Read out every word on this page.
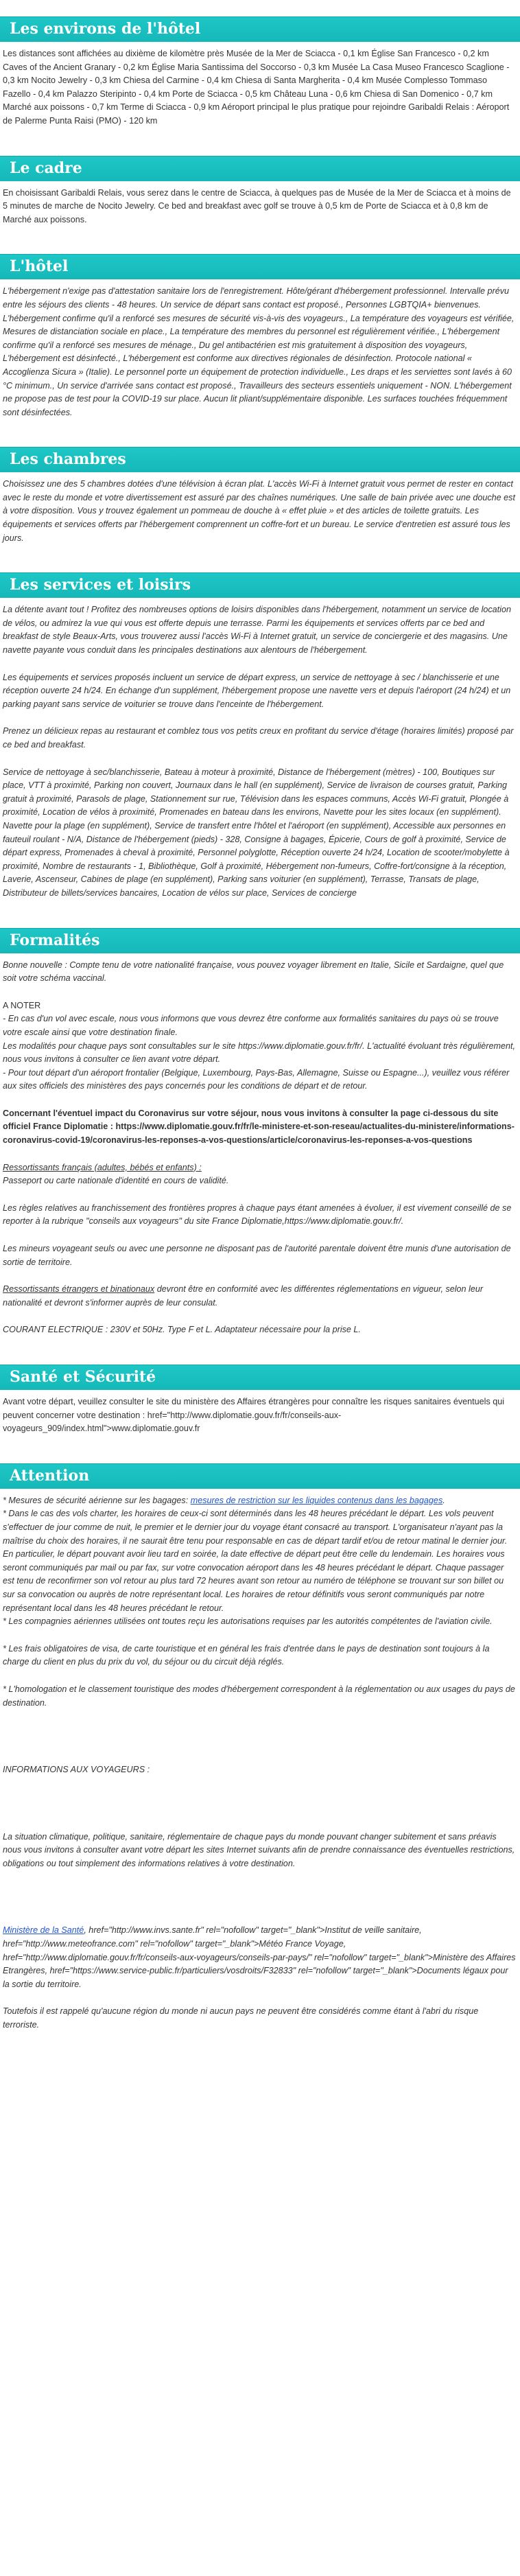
Les environs de l'hôtel

Les distances sont affichées au dixième de kilomètre près Musée de la Mer de Sciacca - 0,1 km Église San Francesco - 0,2 km Caves of the Ancient Granary - 0,2 km Église Maria Santissima del Soccorso - 0,3 km Musée La Casa Museo Francesco Scaglione - 0,3 km Nocito Jewelry - 0,3 km Chiesa del Carmine - 0,4 km Chiesa di Santa Margherita - 0,4 km Musée Complesso Tommaso Fazello - 0,4 km Palazzo Steripinto - 0,4 km Porte de Sciacca - 0,5 km Château Luna - 0,6 km Chiesa di San Domenico - 0,7 km Marché aux poissons - 0,7 km Terme di Sciacca - 0,9 km Aéroport principal le plus pratique pour rejoindre Garibaldi Relais : Aéroport de Palerme Punta Raisi (PMO) - 120 km

Le cadre

En choisissant Garibaldi Relais, vous serez dans le centre de Sciacca, à quelques pas de Musée de la Mer de Sciacca et à moins de 5 minutes de marche de Nocito Jewelry. Ce bed and breakfast avec golf se trouve à 0,5 km de Porte de Sciacca et à 0,8 km de Marché aux poissons.

L'hôtel

L'hébergement n'exige pas d'attestation sanitaire lors de l'enregistrement. Hôte/gérant d'hébergement professionnel. Intervalle prévu entre les séjours des clients - 48 heures. Un service de départ sans contact est proposé., Personnes LGBTQIA+ bienvenues. L'hébergement confirme qu'il a renforcé ses mesures de sécurité vis-à-vis des voyageurs., La température des voyageurs est vérifiée, Mesures de distanciation sociale en place., La température des membres du personnel est régulièrement vérifiée., L'hébergement confirme qu'il a renforcé ses mesures de ménage., Du gel antibactérien est mis gratuitement à disposition des voyageurs, L'hébergement est désinfecté., L'hébergement est conforme aux directives régionales de désinfection. Protocole national « Accoglienza Sicura » (Italie). Le personnel porte un équipement de protection individuelle., Les draps et les serviettes sont lavés à 60 °C minimum., Un service d'arrivée sans contact est proposé., Travailleurs des secteurs essentiels uniquement - NON. L'hébergement ne propose pas de test pour la COVID-19 sur place. Aucun lit pliant/supplémentaire disponible. Les surfaces touchées fréquemment sont désinfectées.

Les chambres

Choisissez une des 5 chambres dotées d'une télévision à écran plat. L'accès Wi-Fi à Internet gratuit vous permet de rester en contact avec le reste du monde et votre divertissement est assuré par des chaînes numériques. Une salle de bain privée avec une douche est à votre disposition. Vous y trouvez également un pommeau de douche à « effet pluie » et des articles de toilette gratuits. Les équipements et services offerts par l'hébergement comprennent un coffre-fort et un bureau. Le service d'entretien est assuré tous les jours.

Les services et loisirs

La détente avant tout ! Profitez des nombreuses options de loisirs disponibles dans l'hébergement, notamment un service de location de vélos, ou admirez la vue qui vous est offerte depuis une terrasse. Parmi les équipements et services offerts par ce bed and breakfast de style Beaux-Arts, vous trouverez aussi l'accès Wi-Fi à Internet gratuit, un service de conciergerie et des magasins. Une navette payante vous conduit dans les principales destinations aux alentours de l'hébergement.

Les équipements et services proposés incluent un service de départ express, un service de nettoyage à sec / blanchisserie et une réception ouverte 24 h/24. En échange d'un supplément, l'hébergement propose une navette vers et depuis l'aéroport (24 h/24) et un parking payant sans service de voiturier se trouve dans l'enceinte de l'hébergement.

Prenez un délicieux repas au restaurant et comblez tous vos petits creux en profitant du service d'étage (horaires limités) proposé par ce bed and breakfast.

Service de nettoyage à sec/blanchisserie, Bateau à moteur à proximité, Distance de l'hébergement (mètres) - 100, Boutiques sur place, VTT à proximité, Parking non couvert, Journaux dans le hall (en supplément), Service de livraison de courses gratuit, Parking gratuit à proximité, Parasols de plage, Stationnement sur rue, Télévision dans les espaces communs, Accès Wi-Fi gratuit, Plongée à proximité, Location de vélos à proximité, Promenades en bateau dans les environs, Navette pour les sites locaux (en supplément). Navette pour la plage (en supplément), Service de transfert entre l'hôtel et l'aéroport (en supplément), Accessible aux personnes en fauteuil roulant - N/A, Distance de l'hébergement (pieds) - 328, Consigne à bagages, Épicerie, Cours de golf à proximité, Service de départ express, Promenades à cheval à proximité, Personnel polyglotte, Réception ouverte 24 h/24, Location de scooter/mobylette à proximité, Nombre de restaurants - 1, Bibliothèque, Golf à proximité, Hébergement non-fumeurs, Coffre-fort/consigne à la réception, Laverie, Ascenseur, Cabines de plage (en supplément), Parking sans voiturier (en supplément), Terrasse, Transats de plage, Distributeur de billets/services bancaires, Location de vélos sur place, Services de concierge

Formalités

Bonne nouvelle : Compte tenu de votre nationalité française, vous pouvez voyager librement en Italie, Sicile et Sardaigne, quel que soit votre schéma vaccinal.

A NOTER

- En cas d'un vol avec escale, nous vous informons que vous devrez être conforme aux formalités sanitaires du pays où se trouve votre escale ainsi que votre destination finale.

Les modalités pour chaque pays sont consultables sur le site https://www.diplomatie.gouv.fr/fr/. L'actualité évoluant très régulièrement, nous vous invitons à consulter ce lien avant votre départ.

- Pour tout départ d'un aéroport frontalier (Belgique, Luxembourg, Pays-Bas, Allemagne, Suisse ou Espagne...), veuillez vous référer aux sites officiels des ministères des pays concernés pour les conditions de départ et de retour.

Concernant l'éventuel impact du Coronavirus sur votre séjour, nous vous invitons à consulter la page ci-dessous du site officiel France Diplomatie : https://www.diplomatie.gouv.fr/fr/le-ministere-et-son-reseau/actualites-du-ministere/informations-coronavirus-covid-19/coronavirus-les-reponses-a-vos-questions/article/coronavirus-les-reponses-a-vos-questions

Ressortissants français (adultes, bébés et enfants) :

Passeport ou carte nationale d'identité en cours de validité.

Les règles relatives au franchissement des frontières propres à chaque pays étant amenées à évoluer, il est vivement conseillé de se reporter à la rubrique "conseils aux voyageurs" du site France Diplomatie,https://www.diplomatie.gouv.fr/.

Les mineurs voyageant seuls ou avec une personne ne disposant pas de l'autorité parentale doivent être munis d'une autorisation de sortie de territoire.

Ressortissants étrangers et binationaux devront être en conformité avec les différentes réglementations en vigueur, selon leur nationalité et devront s'informer auprès de leur consulat.

COURANT ELECTRIQUE : 230V et 50Hz. Type F et L. Adaptateur nécessaire pour la prise L.

Santé et Sécurité

Avant votre départ, veuillez consulter le site du ministère des Affaires étrangères pour connaître les risques sanitaires éventuels qui peuvent concerner votre destination : href="http://www.diplomatie.gouv.fr/fr/conseils-aux-voyageurs_909/index.html">www.diplomatie.gouv.fr

Attention

* Mesures de sécurité aérienne sur les bagages: mesures de restriction sur les liquides contenus dans les bagages.

* Dans le cas des vols charter, les horaires de ceux-ci sont déterminés dans les 48 heures précédant le départ. Les vols peuvent s'effectuer de jour comme de nuit, le premier et le dernier jour du voyage étant consacré au transport. L'organisateur n'ayant pas la maîtrise du choix des horaires, il ne saurait être tenu pour responsable en cas de départ tardif et/ou de retour matinal le dernier jour. En particulier, le départ pouvant avoir lieu tard en soirée, la date effective de départ peut être celle du lendemain. Les horaires vous seront communiqués par mail ou par fax, sur votre convocation aéroport dans les 48 heures précédant le départ. Chaque passager est tenu de reconfirmer son vol retour au plus tard 72 heures avant son retour au numéro de téléphone se trouvant sur son billet ou sur sa convocation ou auprès de notre représentant local. Les horaires de retour définitifs vous seront communiqués par notre représentant local dans les 48 heures précédant le retour.

* Les compagnies aériennes utilisées ont toutes reçu les autorisations requises par les autorités compétentes de l'aviation civile.

* Les frais obligatoires de visa, de carte touristique et en général les frais d'entrée dans le pays de destination sont toujours à la charge du client en plus du prix du vol, du séjour ou du circuit déjà réglés.

* L'homologation et le classement touristique des modes d'hébergement correspondent à la réglementation ou aux usages du pays de destination.

INFORMATIONS AUX VOYAGEURS :

La situation climatique, politique, sanitaire, réglementaire de chaque pays du monde pouvant changer subitement et sans préavis

nous vous invitons à consulter avant votre départ les sites Internet suivants afin de prendre connaissance des éventuelles restrictions, obligations ou tout simplement des informations relatives à votre destination.

Ministère de la Santé, href="http://www.invs.sante.fr" rel="nofollow" target="_blank">Institut de veille sanitaire, href="http://www.meteofrance.com" rel="nofollow" target="_blank">Météo France Voyage, href="http://www.diplomatie.gouv.fr/fr/conseils-aux-voyageurs/conseils-par-pays/" rel="nofollow" target="_blank">Ministère des Affaires Etrangères, href="https://www.service-public.fr/particuliers/vosdroits/F32833" rel="nofollow" target="_blank">Documents légaux pour la sortie du territoire.

Toutefois il est rappelé qu'aucune région du monde ni aucun pays ne peuvent être considérés comme étant à l'abri du risque terroriste.
